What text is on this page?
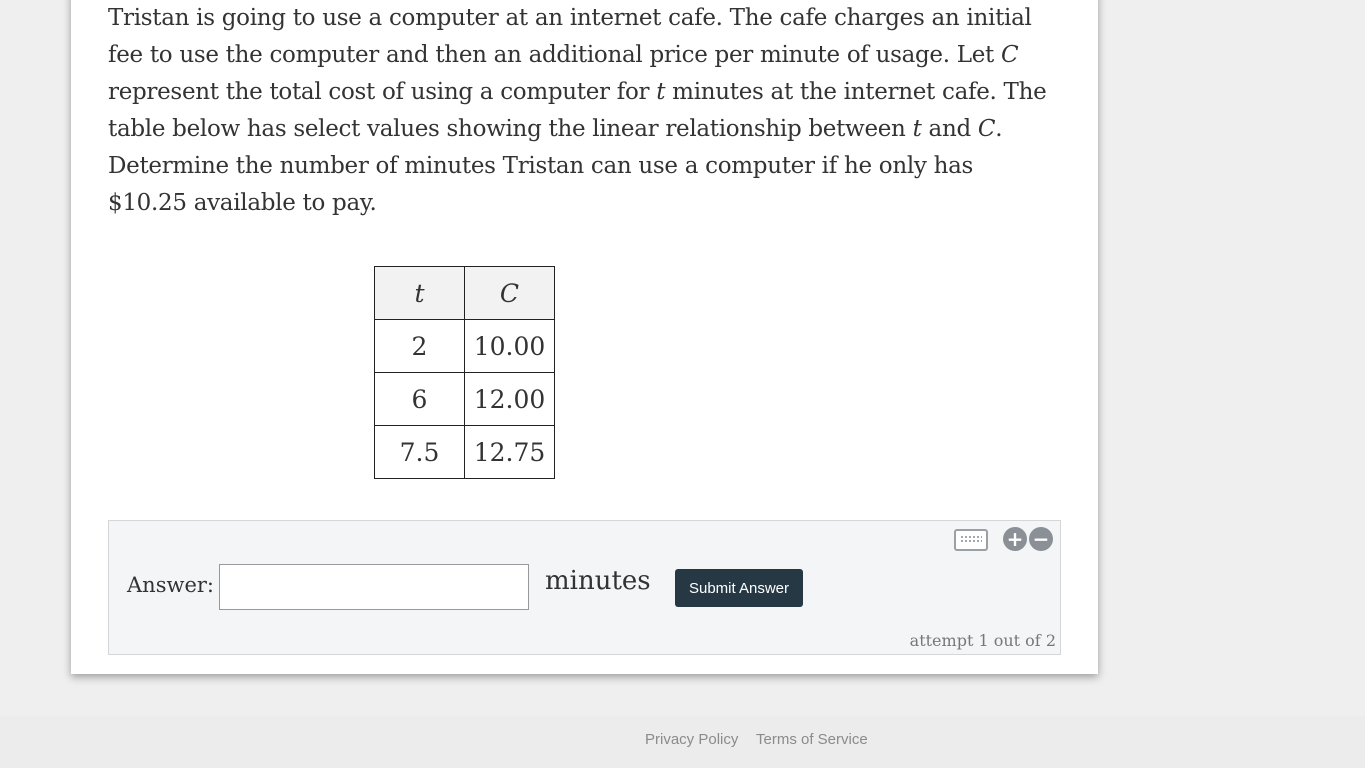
Tristan is going to use a computer at an internet cafe. The cafe charges an initial fee to use the computer and then an additional price per minute of usage. Let C represent the total cost of using a computer for t minutes at the internet cafe. The table below has select values showing the linear relationship between t and C. Determine the number of minutes Tristan can use a computer if he only has $10.25 available to pay.
t	C
2	10.00
6	12.00
7.5	12.75
+ −
Answer:	minutes	Submit Answer
attempt 1 out of 2
Privacy Policy Terms of Service
